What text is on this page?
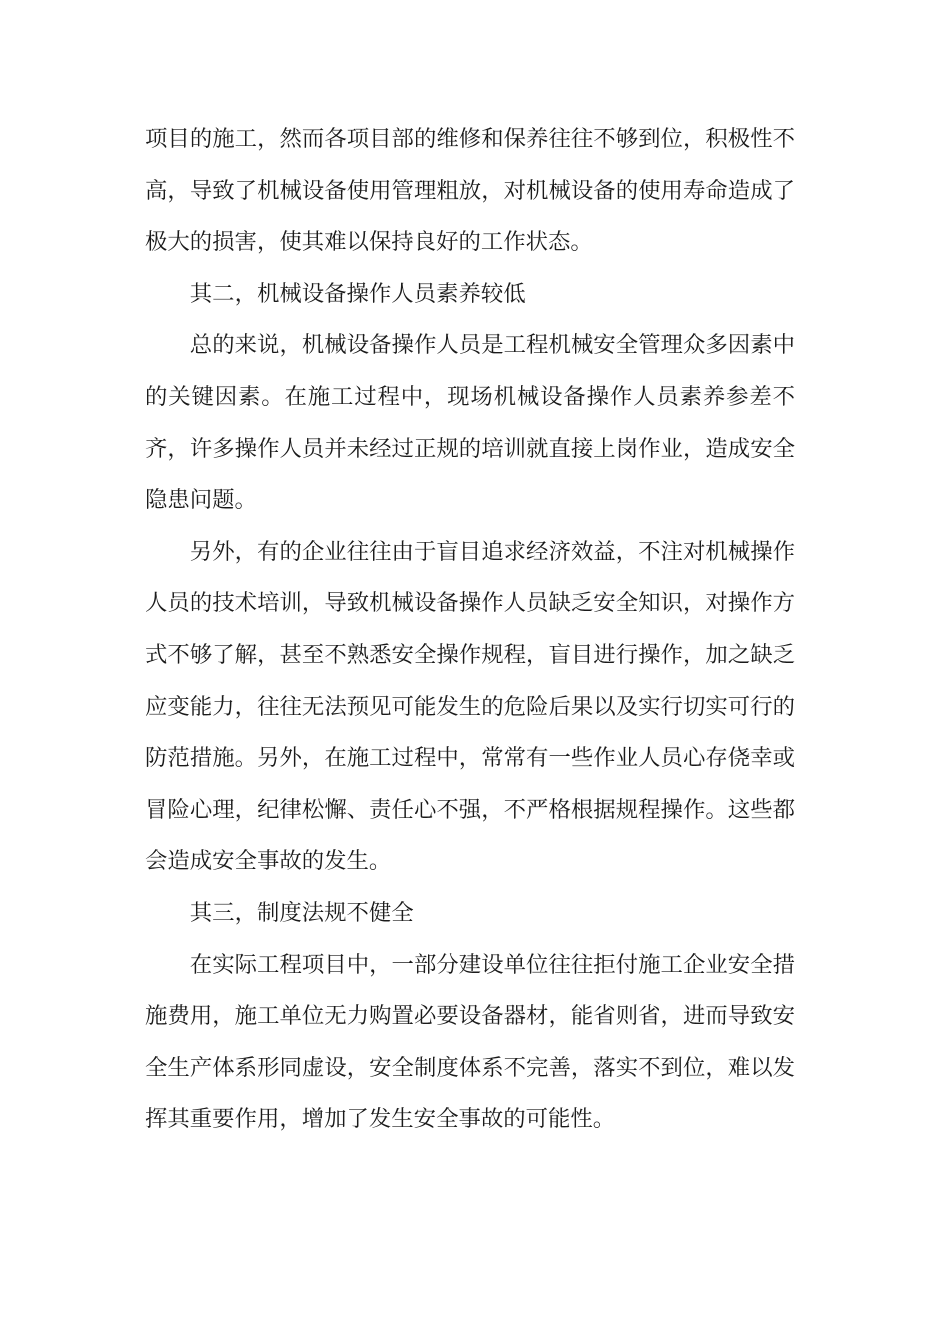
项目的施工，然而各项目部的维修和保养往往不够到位，积极性不高，导致了机械设备使用管理粗放，对机械设备的使用寿命造成了极大的损害，使其难以保持良好的工作状态。

其二，机械设备操作人员素养较低

总的来说，机械设备操作人员是工程机械安全管理众多因素中的关键因素。在施工过程中，现场机械设备操作人员素养参差不齐，许多操作人员并未经过正规的培训就直接上岗作业，造成安全隐患问题。

另外，有的企业往往由于盲目追求经济效益，不注对机械操作人员的技术培训，导致机械设备操作人员缺乏安全知识，对操作方式不够了解，甚至不熟悉安全操作规程，盲目进行操作，加之缺乏应变能力，往往无法预见可能发生的危险后果以及实行切实可行的防范措施。另外，在施工过程中，常常有一些作业人员心存侥幸或冒险心理，纪律松懈、责任心不强，不严格根据规程操作。这些都会造成安全事故的发生。

其三，制度法规不健全

在实际工程项目中，一部分建设单位往往拒付施工企业安全措施费用，施工单位无力购置必要设备器材，能省则省，进而导致安全生产体系形同虚设，安全制度体系不完善，落实不到位，难以发挥其重要作用，增加了发生安全事故的可能性。
